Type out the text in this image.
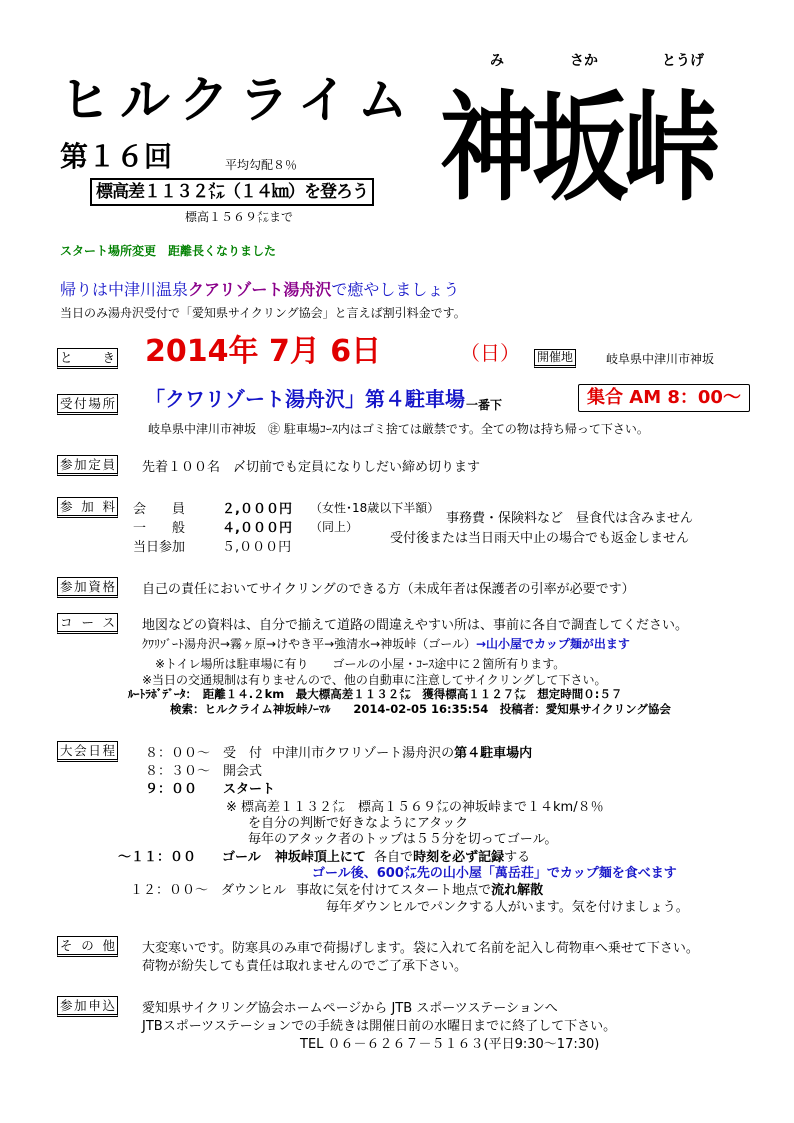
ヒルクライム
み	さか	とうげ
神坂峠
第１６回	平均勾配８％
標高差１１３２㍍（１４㎞）を登ろう
標高１５６９㍍まで
スタート場所変更　距離長くなりました
帰りは中津川温泉クアリゾート湯舟沢で癒やしましょう
当日のみ湯舟沢受付で「愛知県サイクリング協会」と言えば割引料金です。
と　き 2014年 7月 6日	（日） 開催地	岐阜県中津川市神坂
受付場所 「クワリゾート湯舟沢」第４駐車場 一番下	集合 AM 8：00～
岐阜県中津川市神坂　㊟ 駐車場ｺｰｽ内はゴミ捨ては厳禁です。全ての物は持ち帰って下さい。
参加定員 先着１００名　〆切前でも定員になりしだい締め切ります
参加料 会　　員	２,０００円 （女性･18歳以下半額）
一　　般	４,０００円 （同上）
当日参加	５,０００円
事務費・保険料など　昼食代は含みません
受付後または当日雨天中止の場合でも返金しません
参加資格 自己の責任においてサイクリングのできる方（未成年者は保護者の引率が必要です）
コース 地図などの資料は、自分で揃えて道路の間違えやすい所は、事前に各自で調査してください。
ｸﾜﾘｿﾞｰﾄ湯舟沢→霧ヶ原→けやき平→強清水→神坂峠（ゴール）→山小屋でカップ麺が出ます
※トイレ場所は駐車場に有り　　ゴールの小屋・ｺｰｽ途中に２箇所有ります。
※当日の交通規制は有りませんので、他の自動車に注意してサイクリングして下さい。
ﾙｰﾄﾗﾎﾞﾃﾞｰﾀ：　距離１４.２km　最大標高差１１３２㍍　獲得標高１１２７㍍　想定時間０:５７
検索：ヒルクライム神坂峠ﾉｰﾏﾙ　　2014-02-05 16:35:54　投稿者：愛知県サイクリング協会
大会日程 ８：００～　受　付 中津川市クワリゾート湯舟沢の第４駐車場内
８：３０～　開会式
９：００　　スタート
※ 標高差１１３２㍍　標高１５６９㍍の神坂峠まで１４km/８％
を自分の判断で好きなようにアタック
毎年のアタック者のトップは５５分を切ってゴール。
～１１：００　　ゴール 神坂峠頂上にて 各自で時刻を必ず記録する
ゴール後、600㍍先の山小屋「萬岳荘」でカップ麺を食べます
１２：００～　ダウンヒル 事故に気を付けてスタート地点で流れ解散
毎年ダウンヒルでパンクする人がいます。気を付けましょう。
その他 大変寒いです。防寒具のみ車で荷揚げします。袋に入れて名前を記入し荷物車へ乗せて下さい。
荷物が紛失しても責任は取れませんのでご了承下さい。
参加申込 愛知県サイクリング協会ホームページから JTB スポーツステーションへ
JTBスポーツステーションでの手続きは開催日前の水曜日までに終了して下さい。
TEL ０６－６２６７－５１６３(平日9:30～17:30)
